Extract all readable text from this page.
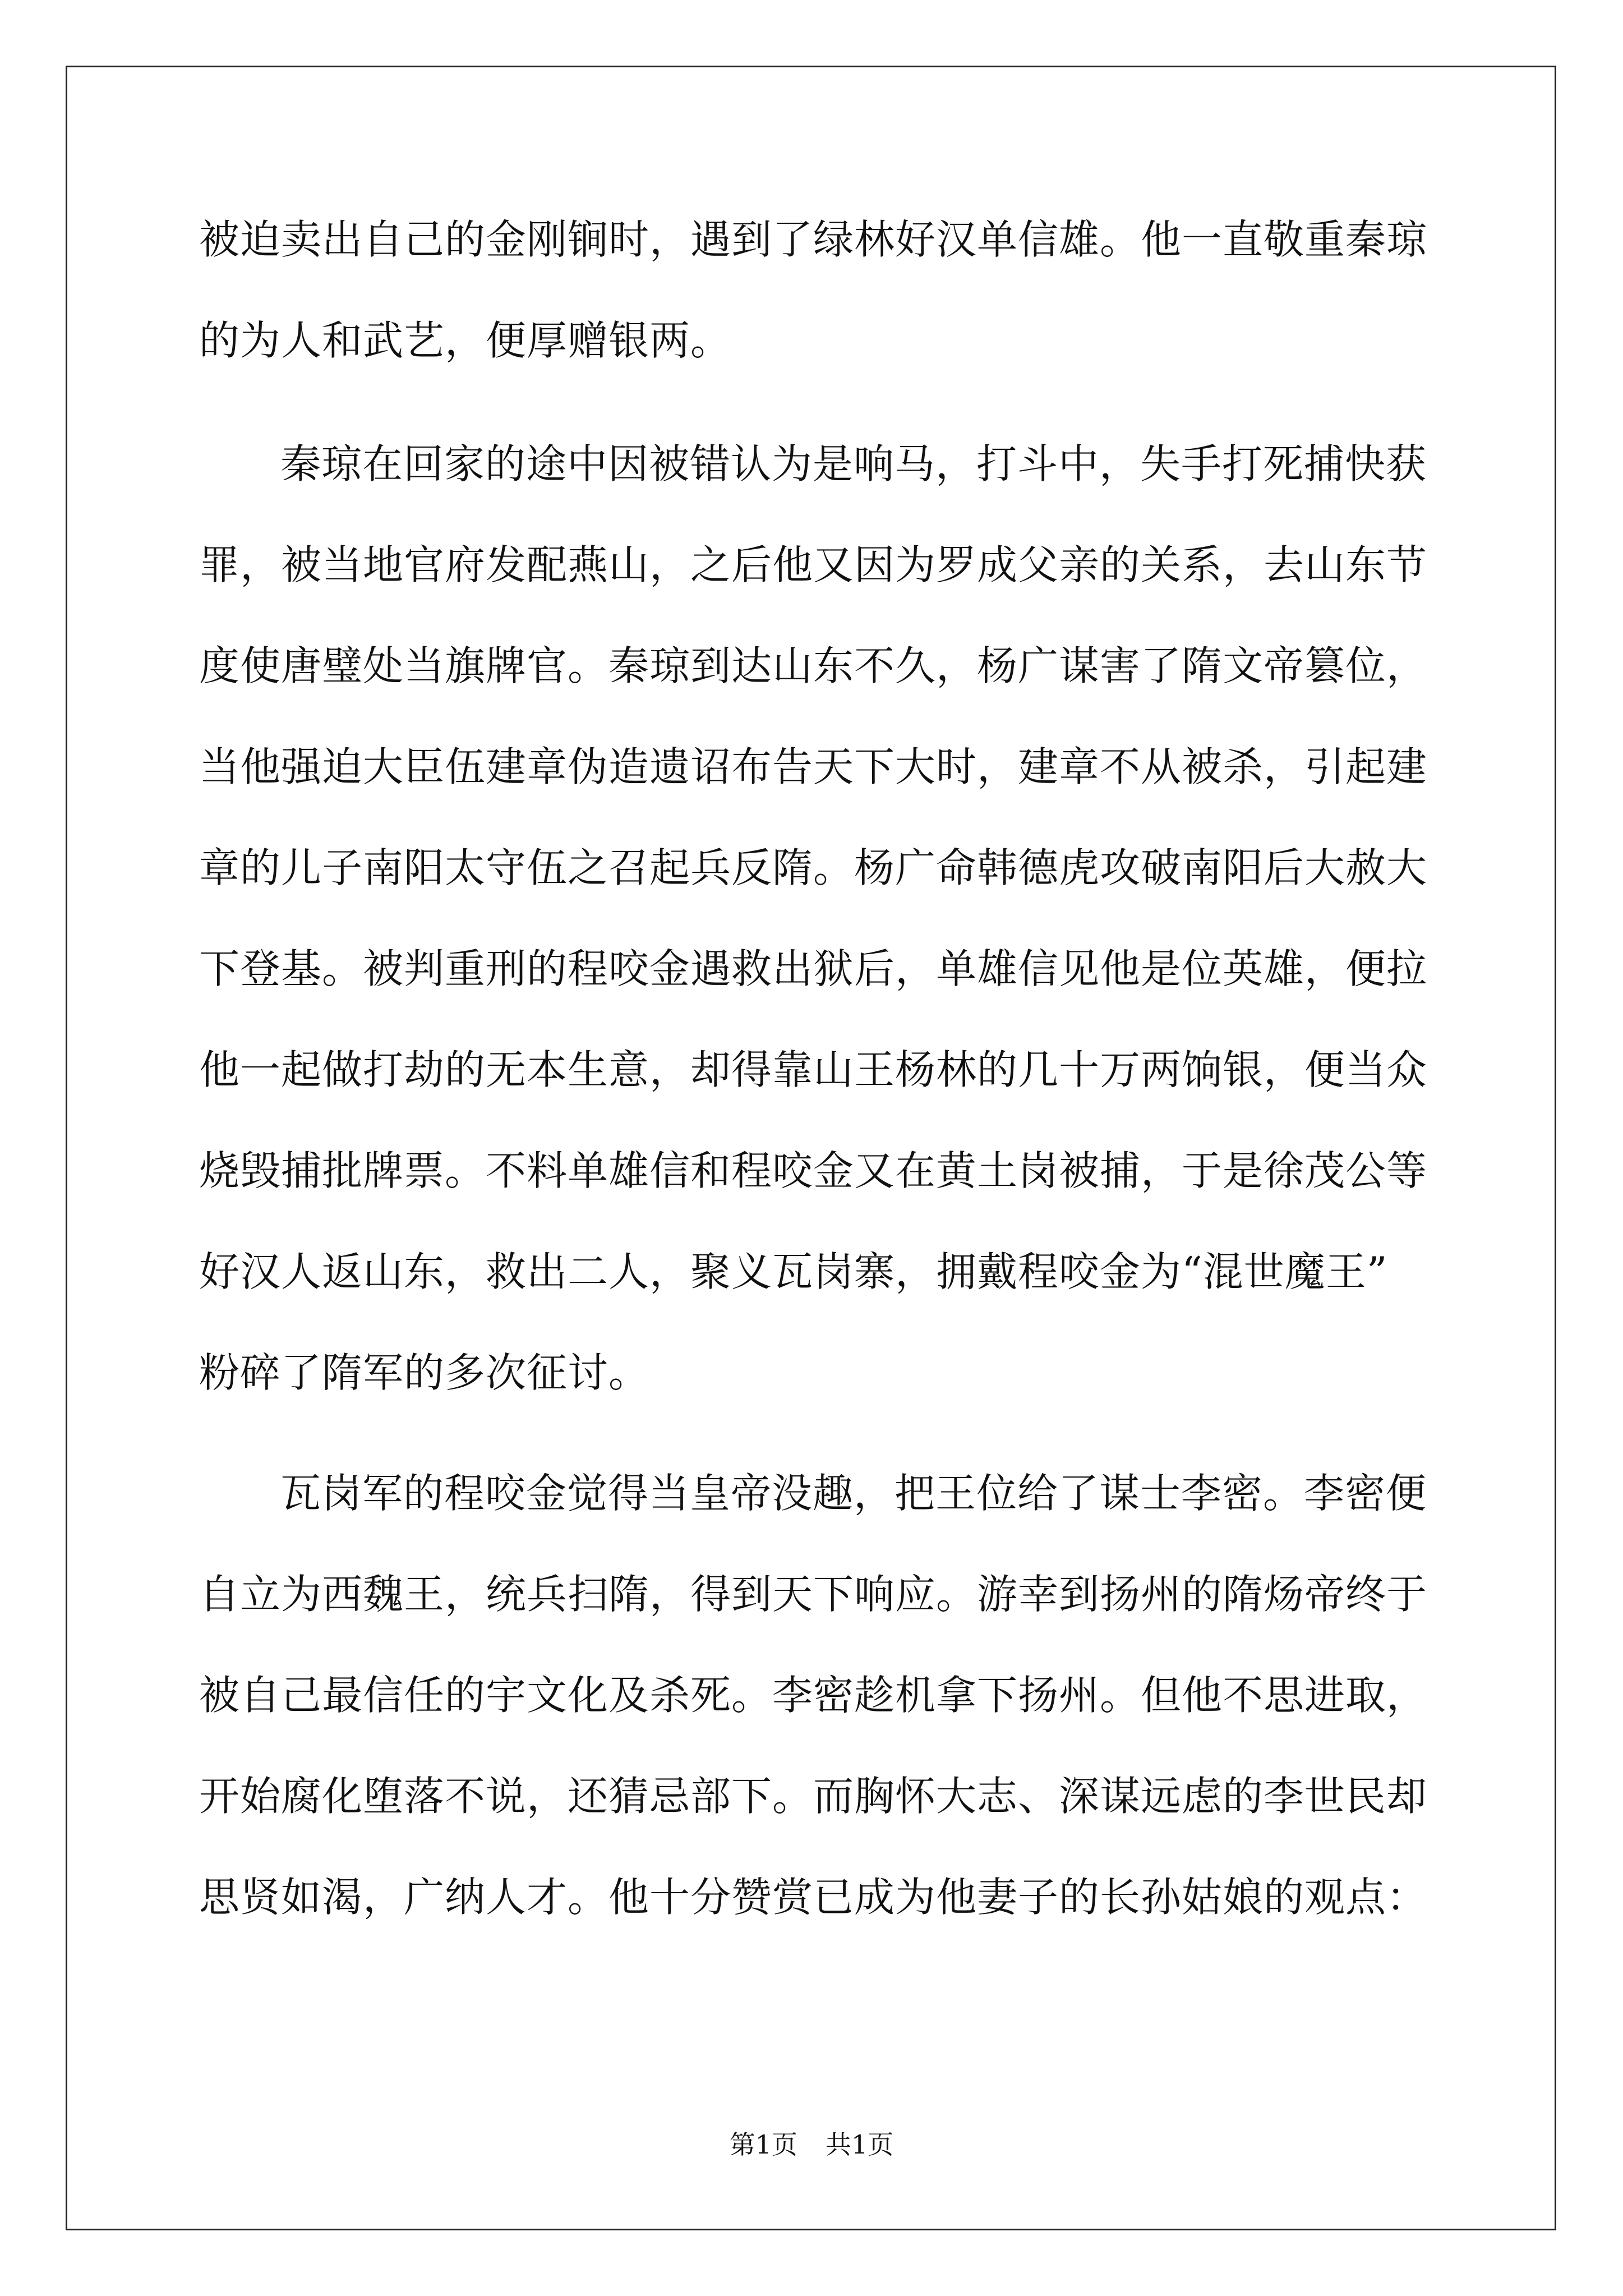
被迫卖出自己的金刚锏时，遇到了绿林好汉单信雄。他一直敬重秦琼
的为人和武艺，便厚赠银两。
秦琼在回家的途中因被错认为是响马，打斗中，失手打死捕快获
罪，被当地官府发配燕山，之后他又因为罗成父亲的关系，去山东节
度使唐璧处当旗牌官。秦琼到达山东不久，杨广谋害了隋文帝篡位，
当他强迫大臣伍建章伪造遗诏布告天下大时，建章不从被杀，引起建
章的儿子南阳太守伍之召起兵反隋。杨广命韩德虎攻破南阳后大赦大
下登基。被判重刑的程咬金遇救出狱后，单雄信见他是位英雄，便拉
他一起做打劫的无本生意，却得靠山王杨林的几十万两饷银，便当众
烧毁捕批牌票。不料单雄信和程咬金又在黄土岗被捕，于是徐茂公等
好汉人返山东，救出二人，聚义瓦岗寨，拥戴程咬金为“混世魔王”
粉碎了隋军的多次征讨。
瓦岗军的程咬金觉得当皇帝没趣，把王位给了谋士李密。李密便
自立为西魏王，统兵扫隋，得到天下响应。游幸到扬州的隋炀帝终于
被自己最信任的宇文化及杀死。李密趁机拿下扬州。但他不思进取，
开始腐化堕落不说，还猜忌部下。而胸怀大志、深谋远虑的李世民却
思贤如渴，广纳人才。他十分赞赏已成为他妻子的长孙姑娘的观点：
第1页 共1页
